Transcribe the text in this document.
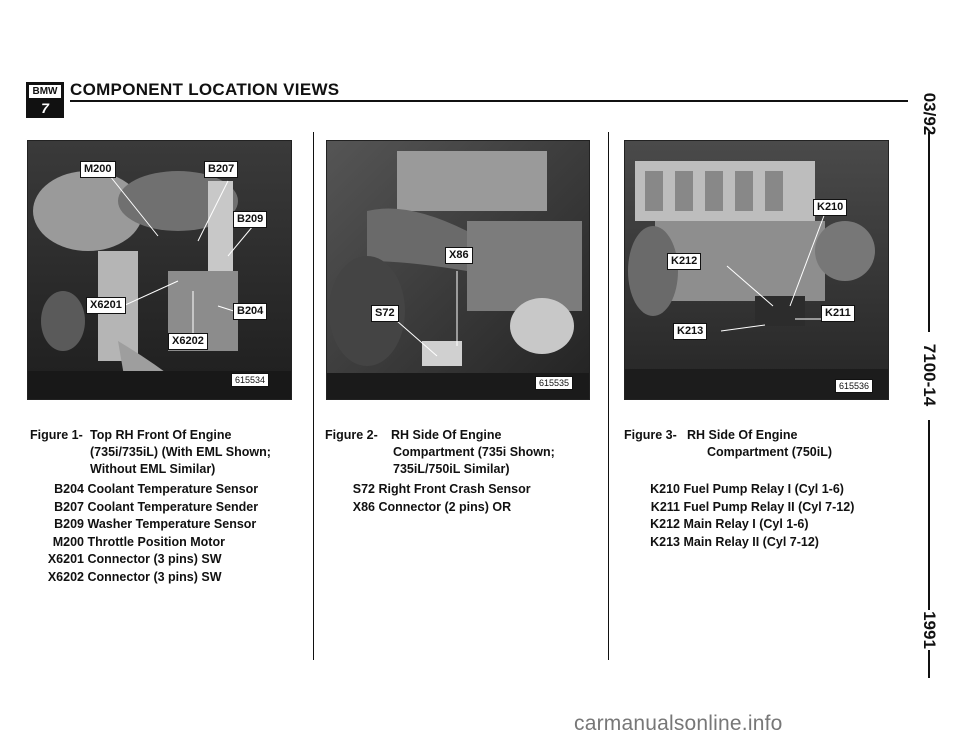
BMW
7
COMPONENT LOCATION VIEWS
03/92
7100-14
1991
M200	B207
B209
X6201	B204
X6202
615534
X86
S72
615535
K210
K212
K211
K213
615536
Figure 1- Top RH Front Of Engine
(735i/735iL) (With EML Shown;
Without EML Similar)
B204 Coolant Temperature Sensor
B207 Coolant Temperature Sender
B209 Washer Temperature Sensor
M200 Throttle Position Motor
X6201 Connector (3 pins) SW
X6202 Connector (3 pins) SW
Figure 2-	RH Side Of Engine
Compartment (735i Shown;
735iL/750iL Similar)
S72 Right Front Crash Sensor
X86 Connector (2 pins) OR
Figure 3- RH Side Of Engine
Compartment (750iL)
K210 Fuel Pump Relay I (Cyl 1-6)
K211 Fuel Pump Relay II (Cyl 7-12)
K212 Main Relay I (Cyl 1-6)
K213 Main Relay II (Cyl 7-12)
carmanualsonline.info
